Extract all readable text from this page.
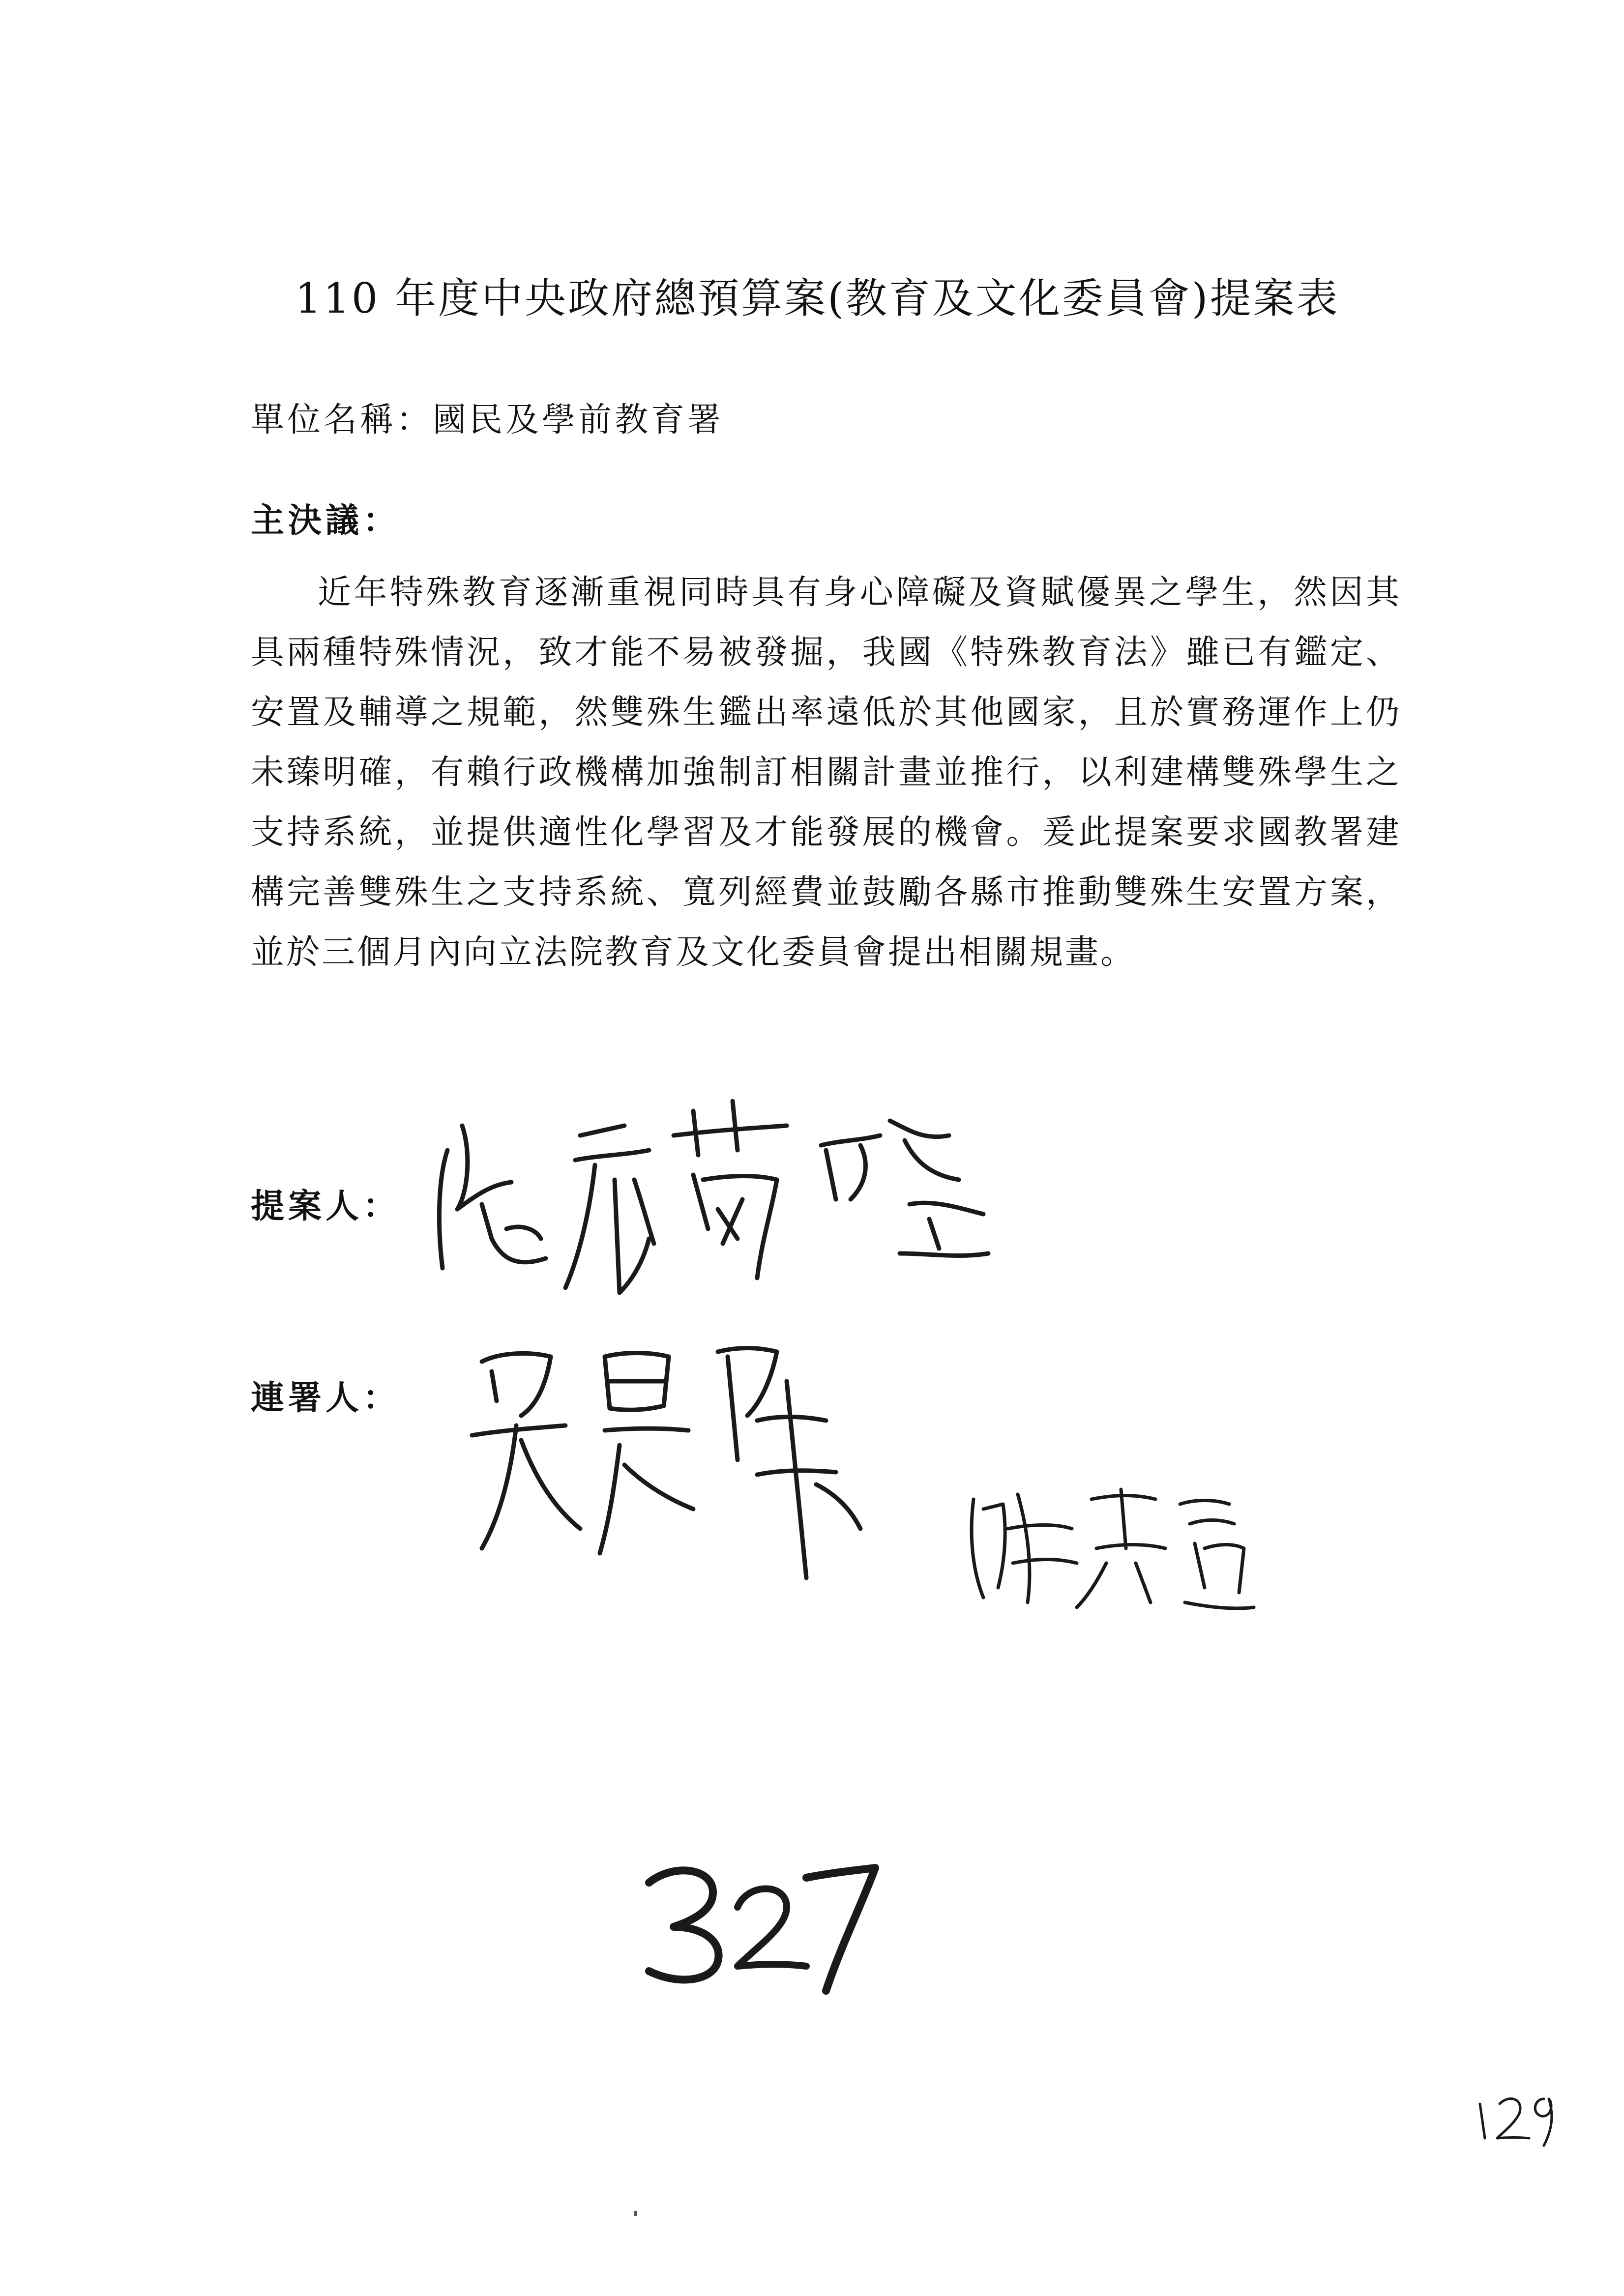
110 年度中央政府總預算案(教育及文化委員會)提案表
單位名稱：國民及學前教育署
主決議：
近年特殊教育逐漸重視同時具有身心障礙及資賦優異之學生，然因其具兩種特殊情況，致才能不易被發掘，我國《特殊教育法》雖已有鑑定、安置及輔導之規範，然雙殊生鑑出率遠低於其他國家，且於實務運作上仍未臻明確，有賴行政機構加強制訂相關計畫並推行，以利建構雙殊學生之支持系統，並提供適性化學習及才能發展的機會。爰此提案要求國教署建構完善雙殊生之支持系統、寬列經費並鼓勵各縣市推動雙殊生安置方案，並於三個月內向立法院教育及文化委員會提出相關規畫。
提案人：
連署人：
